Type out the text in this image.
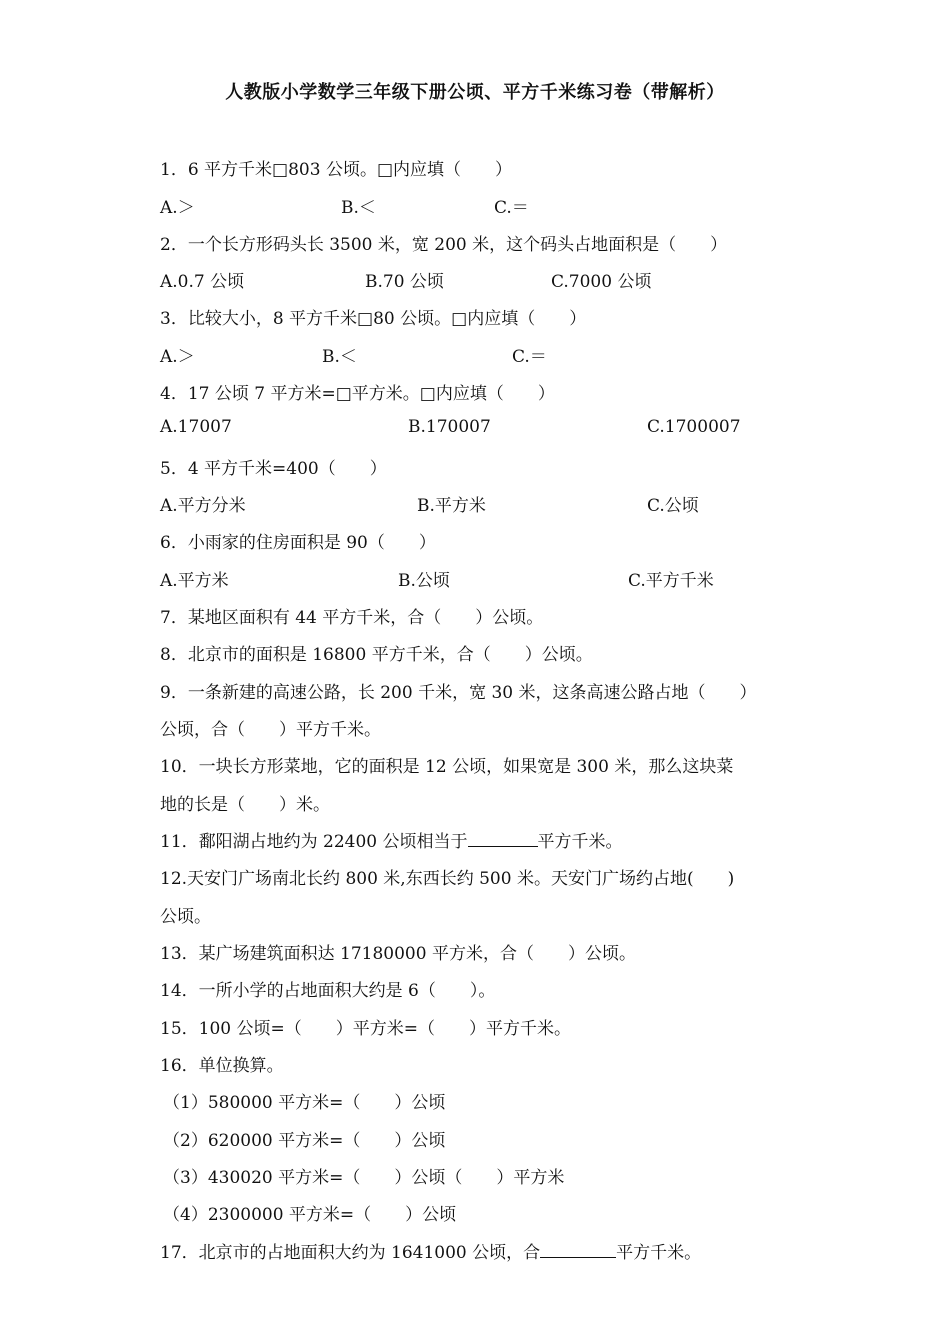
人教版小学数学三年级下册公顷、平方千米练习卷（带解析）
1．6 平方千米□803 公顷。□内应填（　　）
A.＞	B.＜	C.＝
2．一个长方形码头长 3500 米，宽 200 米，这个码头占地面积是（　　）
A.0.7 公顷	B.70 公顷	C.7000 公顷
3．比较大小，8 平方千米□80 公顷。□内应填（　　）
A.＞	B.＜	C.＝
4．17 公顷 7 平方米=□平方米。□内应填（　　）
A.17007	B.170007	C.1700007
5．4 平方千米=400（　　）
A.平方分米	B.平方米	C.公顷
6．小雨家的住房面积是 90（　　）
A.平方米	B.公顷	C.平方千米
7．某地区面积有 44 平方千米，合（　　）公顷。
8．北京市的面积是 16800 平方千米，合（　　）公顷。
9．一条新建的高速公路，长 200 千米，宽 30 米，这条高速公路占地（　　）
公顷，合（　　）平方千米。
10．一块长方形菜地，它的面积是 12 公顷，如果宽是 300 米，那么这块菜
地的长是（　　）米。
11．鄱阳湖占地约为 22400 公顷相当于	平方千米。
12.天安门广场南北长约 800 米,东西长约 500 米。天安门广场约占地(　　)
公顷。
13．某广场建筑面积达 17180000 平方米，合（　　）公顷。
14．一所小学的占地面积大约是 6（　　）。
15．100 公顷=（　　）平方米=（　　）平方千米。
16．单位换算。
（1）580000 平方米=（　　）公顷
（2）620000 平方米=（　　）公顷
（3）430020 平方米=（　　）公顷（　　）平方米
（4）2300000 平方米=（　　）公顷
17．北京市的占地面积大约为 1641000 公顷，合	平方千米。
